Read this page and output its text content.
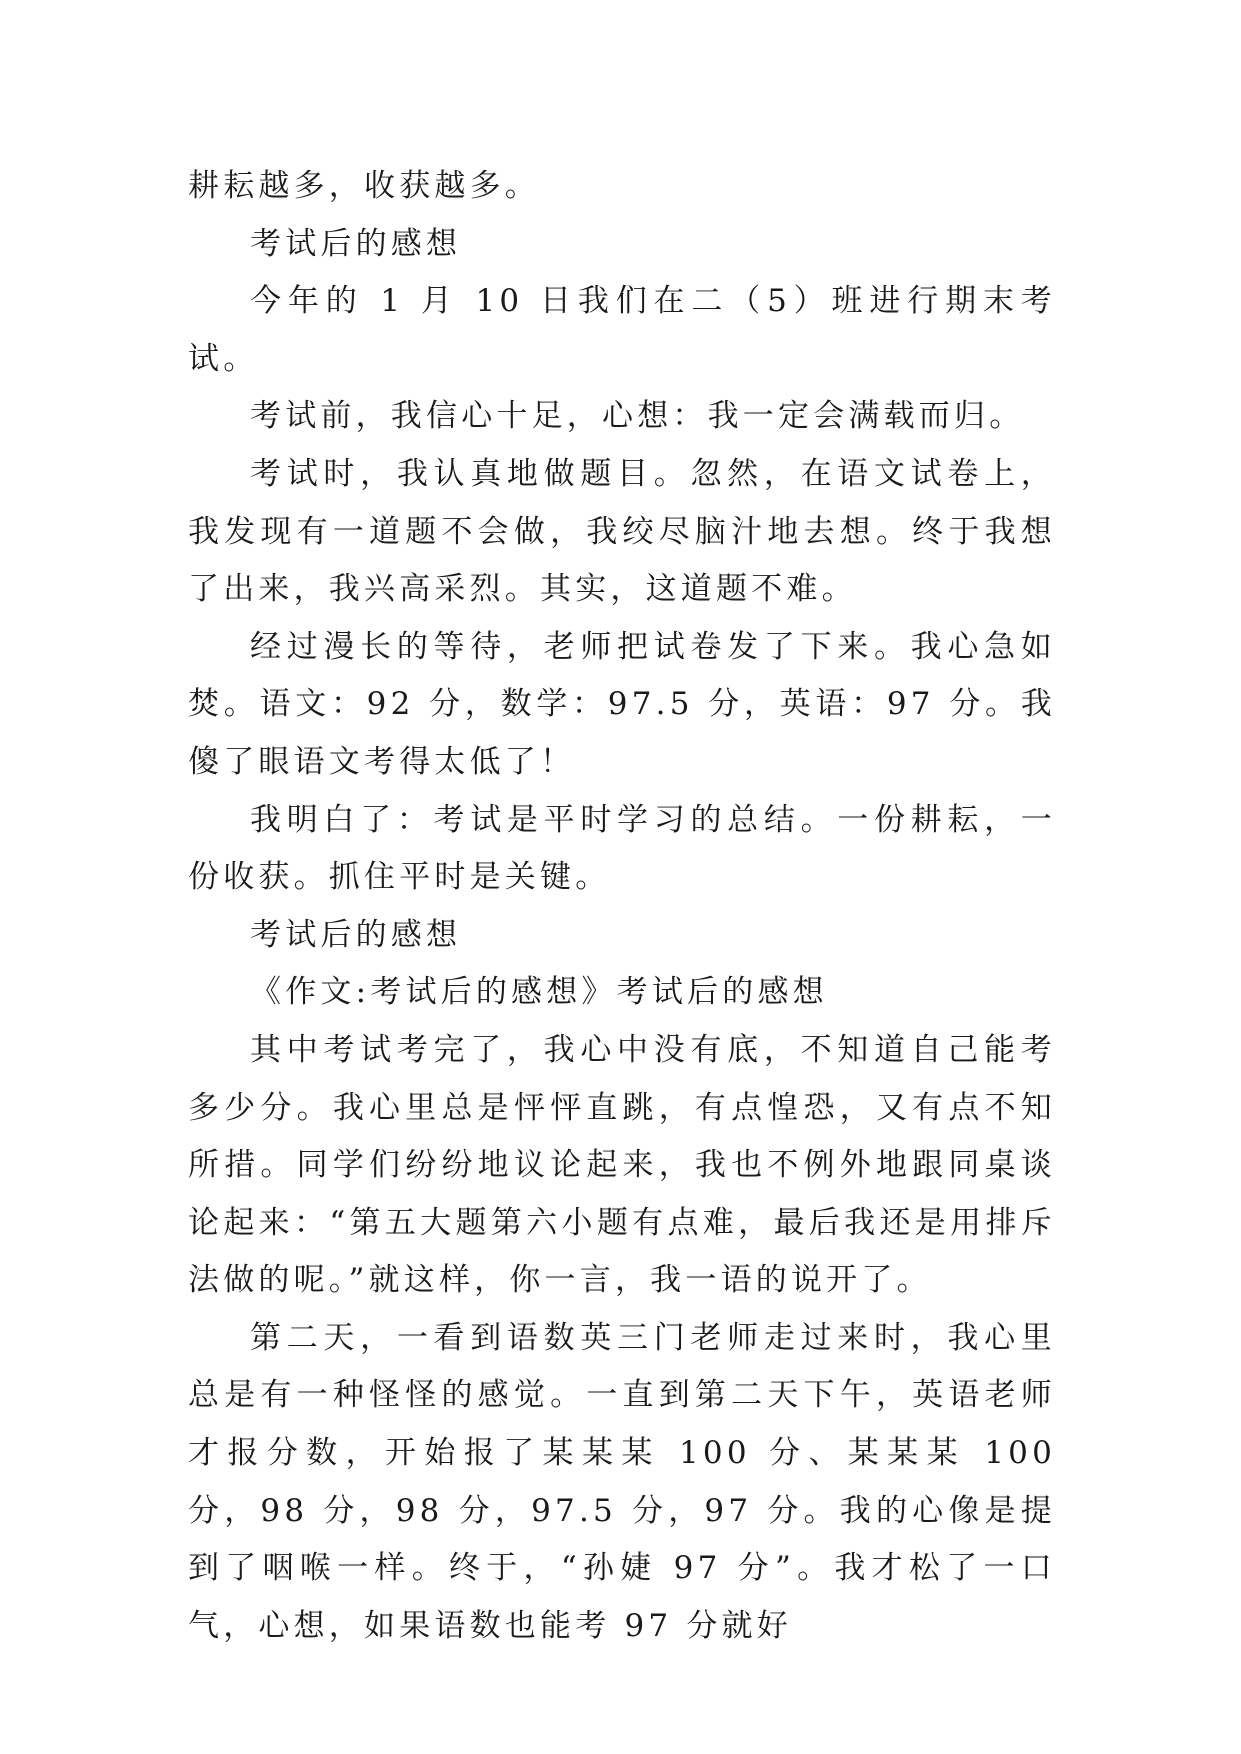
耕耘越多，收获越多。

考试后的感想

今年的 1 月 10 日我们在二（5）班进行期末考试。

考试前，我信心十足，心想：我一定会满载而归。

考试时，我认真地做题目。忽然，在语文试卷上，我发现有一道题不会做，我绞尽脑汁地去想。终于我想了出来，我兴高采烈。其实，这道题不难。

经过漫长的等待，老师把试卷发了下来。我心急如焚。语文：92 分，数学：97.5 分，英语：97 分。我傻了眼语文考得太低了！

我明白了：考试是平时学习的总结。一份耕耘，一份收获。抓住平时是关键。

考试后的感想

《作文:考试后的感想》考试后的感想

其中考试考完了，我心中没有底，不知道自己能考多少分。我心里总是怦怦直跳，有点惶恐，又有点不知所措。同学们纷纷地议论起来，我也不例外地跟同桌谈论起来：“第五大题第六小题有点难，最后我还是用排斥法做的呢。”就这样，你一言，我一语的说开了。

第二天，一看到语数英三门老师走过来时，我心里总是有一种怪怪的感觉。一直到第二天下午，英语老师才报分数，开始报了某某某 100 分、某某某 100 分，98 分，98 分，97.5 分，97 分。我的心像是提到了咽喉一样。终于，“孙婕 97 分”。我才松了一口气，心想，如果语数也能考 97 分就好
